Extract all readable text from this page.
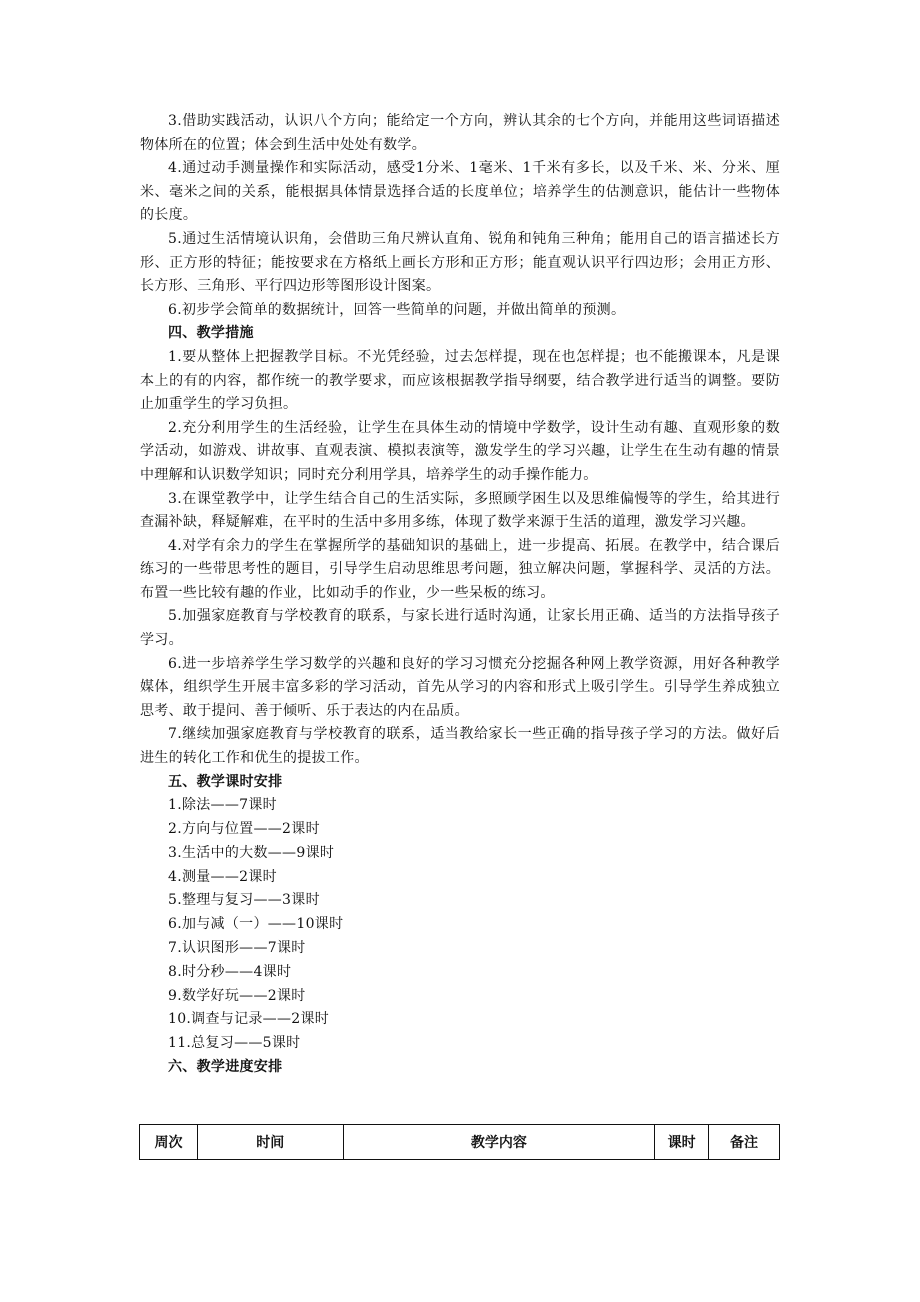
3.借助实践活动，认识八个方向；能给定一个方向，辨认其余的七个方向，并能用这些词语描述物体所在的位置；体会到生活中处处有数学。

4.通过动手测量操作和实际活动，感受1分米、1毫米、1千米有多长，以及千米、米、分米、厘米、毫米之间的关系，能根据具体情景选择合适的长度单位；培养学生的估测意识，能估计一些物体的长度。

5.通过生活情境认识角，会借助三角尺辨认直角、锐角和钝角三种角；能用自己的语言描述长方形、正方形的特征；能按要求在方格纸上画长方形和正方形；能直观认识平行四边形；会用正方形、长方形、三角形、平行四边形等图形设计图案。

6.初步学会简单的数据统计，回答一些简单的问题，并做出简单的预测。

四、教学措施

1.要从整体上把握教学目标。不光凭经验，过去怎样提，现在也怎样提；也不能搬课本，凡是课本上的有的内容，都作统一的教学要求，而应该根据教学指导纲要，结合教学进行适当的调整。要防止加重学生的学习负担。

2.充分利用学生的生活经验，让学生在具体生动的情境中学数学，设计生动有趣、直观形象的数学活动，如游戏、讲故事、直观表演、模拟表演等，激发学生的学习兴趣，让学生在生动有趣的情景中理解和认识数学知识；同时充分利用学具，培养学生的动手操作能力。

3.在课堂教学中，让学生结合自己的生活实际，多照顾学困生以及思维偏慢等的学生，给其进行查漏补缺，释疑解难，在平时的生活中多用多练，体现了数学来源于生活的道理，激发学习兴趣。

4.对学有余力的学生在掌握所学的基础知识的基础上，进一步提高、拓展。在教学中，结合课后练习的一些带思考性的题目，引导学生启动思维思考问题，独立解决问题，掌握科学、灵活的方法。布置一些比较有趣的作业，比如动手的作业，少一些呆板的练习。

5.加强家庭教育与学校教育的联系，与家长进行适时沟通，让家长用正确、适当的方法指导孩子学习。

6.进一步培养学生学习数学的兴趣和良好的学习习惯充分挖掘各种网上教学资源，用好各种教学媒体，组织学生开展丰富多彩的学习活动，首先从学习的内容和形式上吸引学生。引导学生养成独立思考、敢于提问、善于倾听、乐于表达的内在品质。

7.继续加强家庭教育与学校教育的联系，适当教给家长一些正确的指导孩子学习的方法。做好后进生的转化工作和优生的提拔工作。

五、教学课时安排

1.除法——7课时
2.方向与位置——2课时
3.生活中的大数——9课时
4.测量——2课时
5.整理与复习——3课时
6.加与减（一）——10课时
7.认识图形——7课时
8.时分秒——4课时
9.数学好玩——2课时
10.调查与记录——2课时
11.总复习——5课时

六、教学进度安排

周次	时间	教学内容	课时	备注
